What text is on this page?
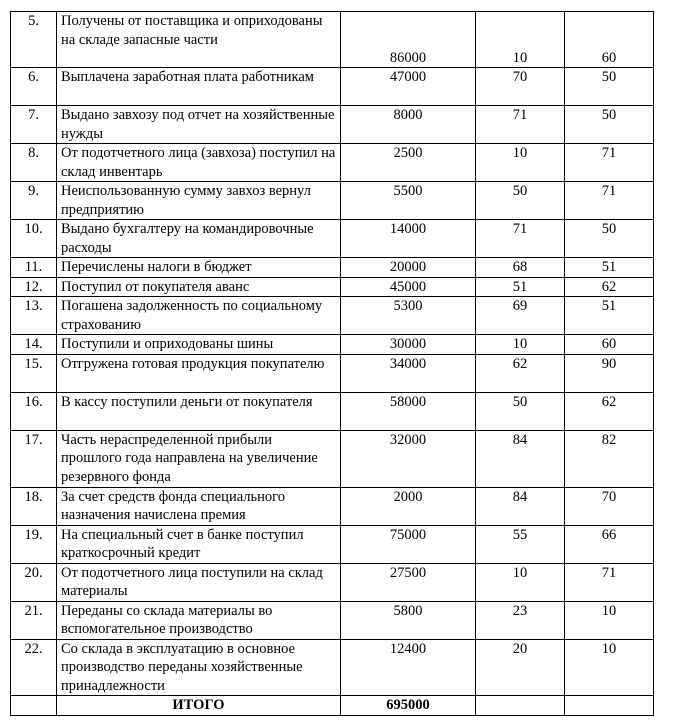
5.	Получены от поставщика и оприходованы на складе запасные части	86000	10	60
6.	Выплачена заработная плата работникам	47000	70	50
7.	Выдано завхозу под отчет на хозяйственные нужды	8000	71	50
8.	От подотчетного лица (завхоза) поступил на склад инвентарь	2500	10	71
9.	Неиспользованную сумму завхоз вернул предприятию	5500	50	71
10.	Выдано бухгалтеру на командировочные расходы	14000	71	50
11.	Перечислены налоги в бюджет	20000	68	51
12.	Поступил от покупателя аванс	45000	51	62
13.	Погашена задолженность по социальному страхованию	5300	69	51
14.	Поступили и оприходованы шины	30000	10	60
15.	Отгружена готовая продукция покупателю	34000	62	90
16.	В кассу поступили деньги от покупателя	58000	50	62
17.	Часть нераспределенной прибыли прошлого года направлена на увеличение резервного фонда	32000	84	82
18.	За счет средств фонда специального назначения начислена премия	2000	84	70
19.	На специальный счет в банке поступил краткосрочный кредит	75000	55	66
20.	От подотчетного лица поступили на склад материалы	27500	10	71
21.	Переданы со склада материалы во вспомогательное производство	5800	23	10
22.	Со склада в эксплуатацию в основное производство переданы хозяйственные принадлежности	12400	20	10
	ИТОГО	695000		
